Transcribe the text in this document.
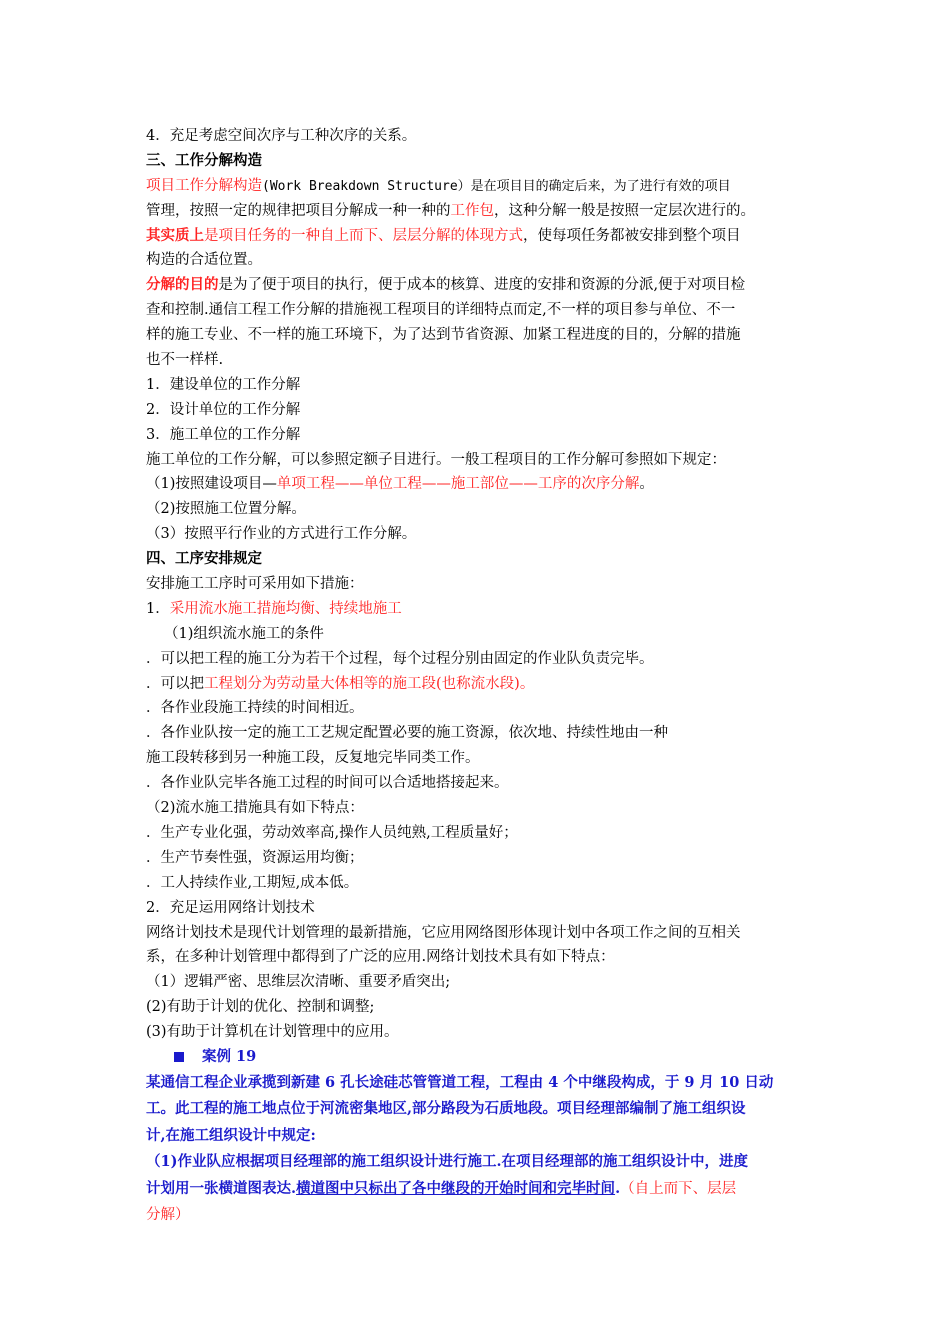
4．充足考虑空间次序与工种次序的关系。
三、工作分解构造
项目工作分解构造(Work Breakdown Structure）是在项目目的确定后来，为了进行有效的项目
管理，按照一定的规律把项目分解成一种一种的工作包，这种分解一般是按照一定层次进行的。
其实质上是项目任务的一种自上而下、层层分解的体现方式，使每项任务都被安排到整个项目
构造的合适位置。
分解的目的是为了便于项目的执行，便于成本的核算、进度的安排和资源的分派,便于对项目检
查和控制.通信工程工作分解的措施视工程项目的详细特点而定,不一样的项目参与单位、不一
样的施工专业、不一样的施工环境下，为了达到节省资源、加紧工程进度的目的，分解的措施
也不一样样.
1．建设单位的工作分解
2．设计单位的工作分解
3．施工单位的工作分解
施工单位的工作分解，可以参照定额子目进行。一般工程项目的工作分解可参照如下规定：
（1)按照建设项目—单项工程——单位工程——施工部位——工序的次序分解。
（2)按照施工位置分解。
（3）按照平行作业的方式进行工作分解。
四、工序安排规定
安排施工工序时可采用如下措施：
1．采用流水施工措施均衡、持续地施工
（1)组织流水施工的条件
．可以把工程的施工分为若干个过程，每个过程分别由固定的作业队负责完毕。
．可以把工程划分为劳动量大体相等的施工段(也称流水段)。
．各作业段施工持续的时间相近。
．各作业队按一定的施工工艺规定配置必要的施工资源，依次地、持续性地由一种
施工段转移到另一种施工段，反复地完毕同类工作。
．各作业队完毕各施工过程的时间可以合适地搭接起来。
（2)流水施工措施具有如下特点：
．生产专业化强，劳动效率高,操作人员纯熟,工程质量好；
．生产节奏性强，资源运用均衡；
．工人持续作业,工期短,成本低。
2．充足运用网络计划技术
网络计划技术是现代计划管理的最新措施，它应用网络图形体现计划中各项工作之间的互相关
系，在多种计划管理中都得到了广泛的应用.网络计划技术具有如下特点：
（1）逻辑严密、思维层次清晰、重要矛盾突出;
(2)有助于计划的优化、控制和调整;
(3)有助于计算机在计划管理中的应用。
案例 19
某通信工程企业承揽到新建 6 孔长途硅芯管管道工程，工程由 4 个中继段构成，于 9 月 10 日动
工。此工程的施工地点位于河流密集地区,部分路段为石质地段。项目经理部编制了施工组织设
计,在施工组织设计中规定:
（1)作业队应根据项目经理部的施工组织设计进行施工.在项目经理部的施工组织设计中，进度
计划用一张横道图表达.横道图中只标出了各中继段的开始时间和完毕时间.（自上而下、层层
分解）
